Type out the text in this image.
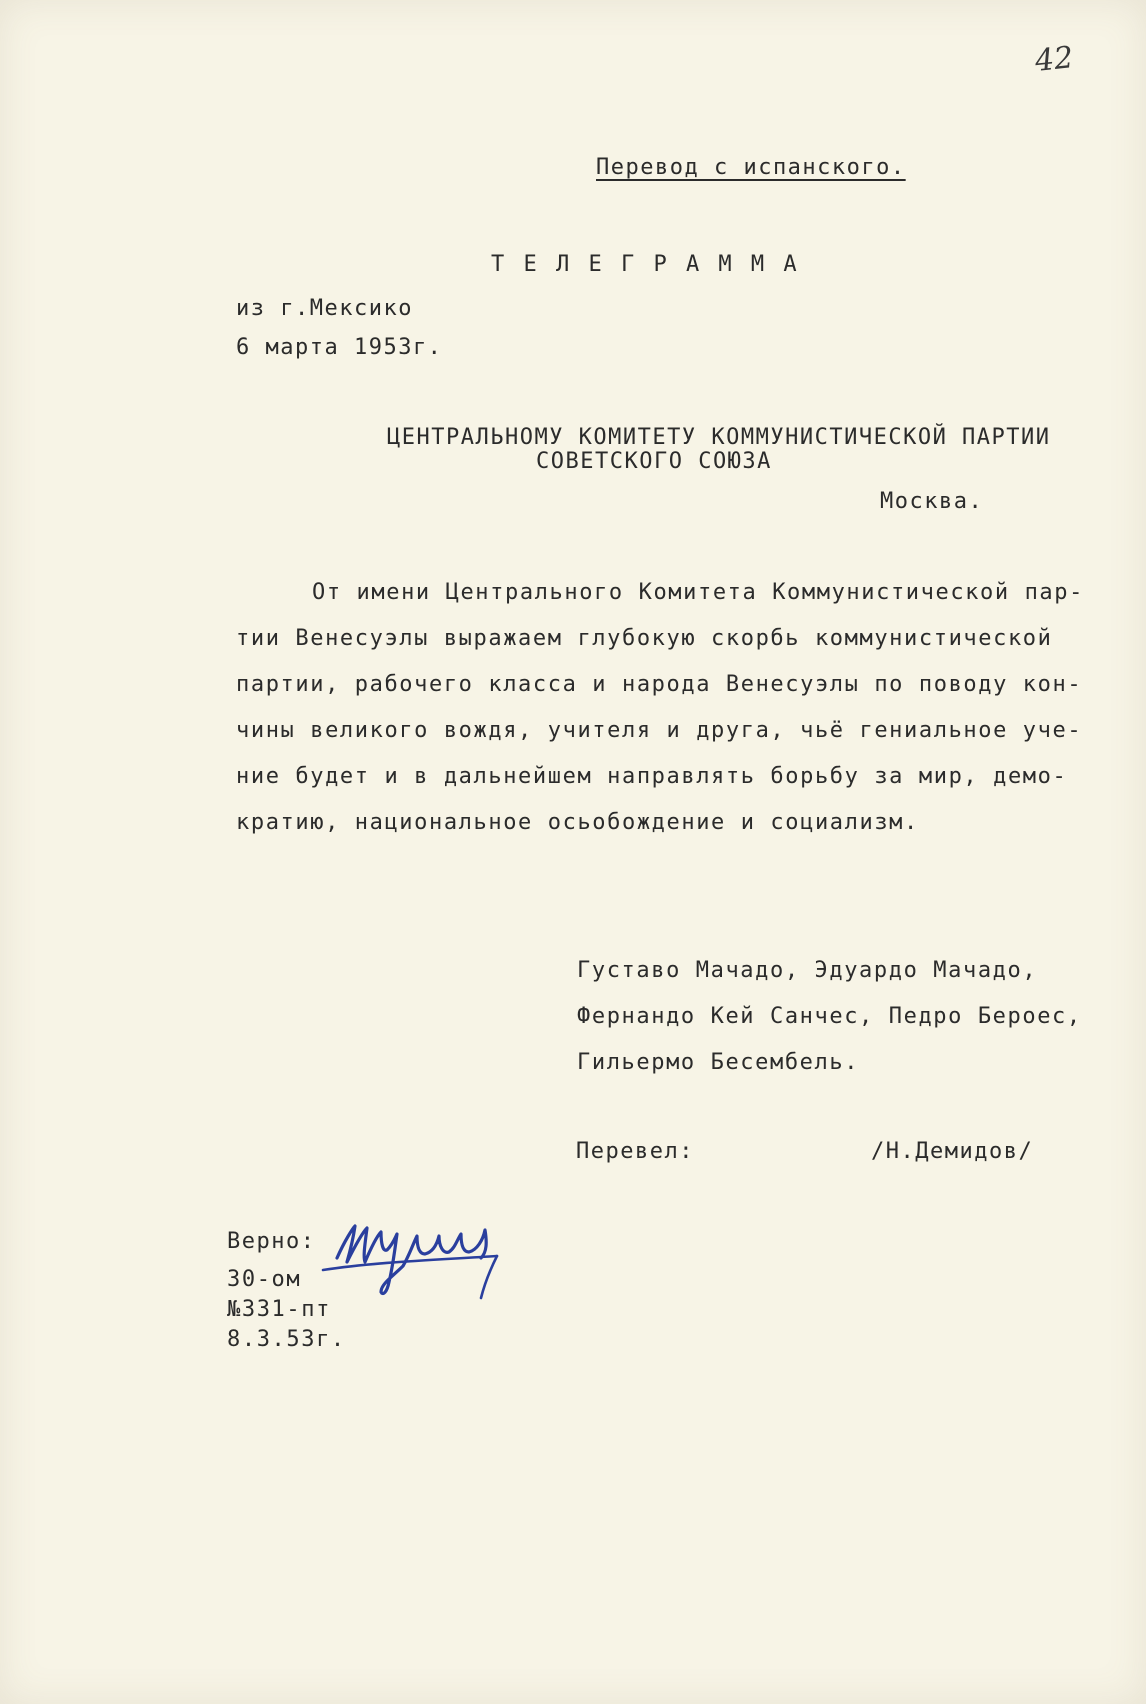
42
Перевод с испанского.
Т Е Л Е Г Р А М М А
из г.Мексико
6 марта 1953г.
ЦЕНТРАЛЬНОМУ КОМИТЕТУ КОММУНИСТИЧЕСКОЙ ПАРТИИ
СОВЕТСКОГО СОЮЗА
Москва.
От имени Центрального Комитета Коммунистической пар-
тии Венесуэлы выражаем глубокую скорбь коммунистической
партии, рабочего класса и народа Венесуэлы по поводу кон-
чины великого вождя, учителя и друга, чьё гениальное уче-
ние будет и в дальнейшем направлять борьбу за мир, демо-
кратию, национальное осьобождение и социализм.
Густаво Мачадо, Эдуардо Мачадо,
Фернандо Кей Санчес, Педро Бероес,
Гильермо Бесембель.
Перевел:	/Н.Демидов/
Верно:
30-ом
№331-пт
8.3.53г.
